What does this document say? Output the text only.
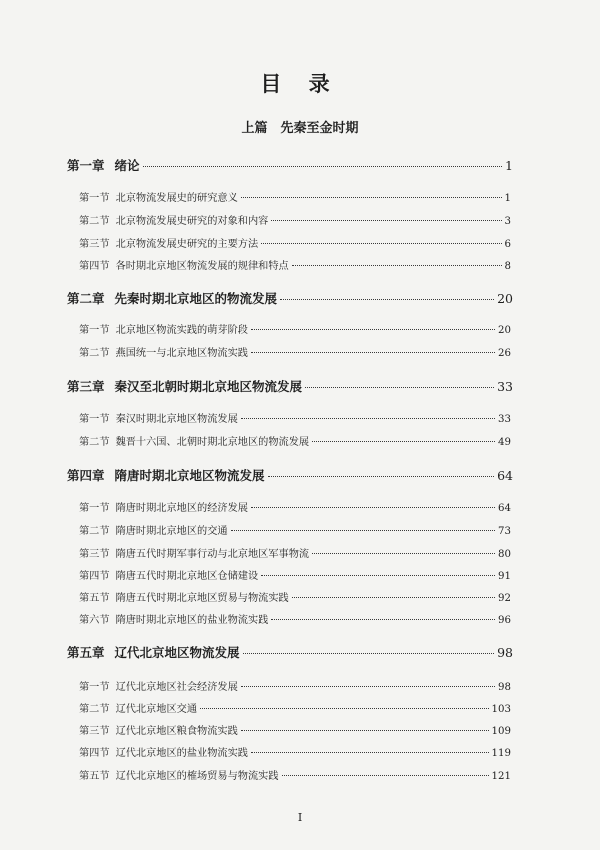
目 录
上篇　先秦至金时期
第一章 绪论	1
第一节 北京物流发展史的研究意义	1
第二节 北京物流发展史研究的对象和内容	3
第三节 北京物流发展史研究的主要方法	6
第四节 各时期北京地区物流发展的规律和特点	8
第二章 先秦时期北京地区的物流发展	20
第一节 北京地区物流实践的萌芽阶段	20
第二节 燕国统一与北京地区物流实践	26
第三章 秦汉至北朝时期北京地区物流发展	33
第一节 秦汉时期北京地区物流发展	33
第二节 魏晋十六国、北朝时期北京地区的物流发展	49
第四章 隋唐时期北京地区物流发展	64
第一节 隋唐时期北京地区的经济发展	64
第二节 隋唐时期北京地区的交通	73
第三节 隋唐五代时期军事行动与北京地区军事物流	80
第四节 隋唐五代时期北京地区仓储建设	91
第五节 隋唐五代时期北京地区贸易与物流实践	92
第六节 隋唐时期北京地区的盐业物流实践	96
第五章 辽代北京地区物流发展	98
第一节 辽代北京地区社会经济发展	98
第二节 辽代北京地区交通	103
第三节 辽代北京地区粮食物流实践	109
第四节 辽代北京地区的盐业物流实践	119
第五节 辽代北京地区的榷场贸易与物流实践	121
I
